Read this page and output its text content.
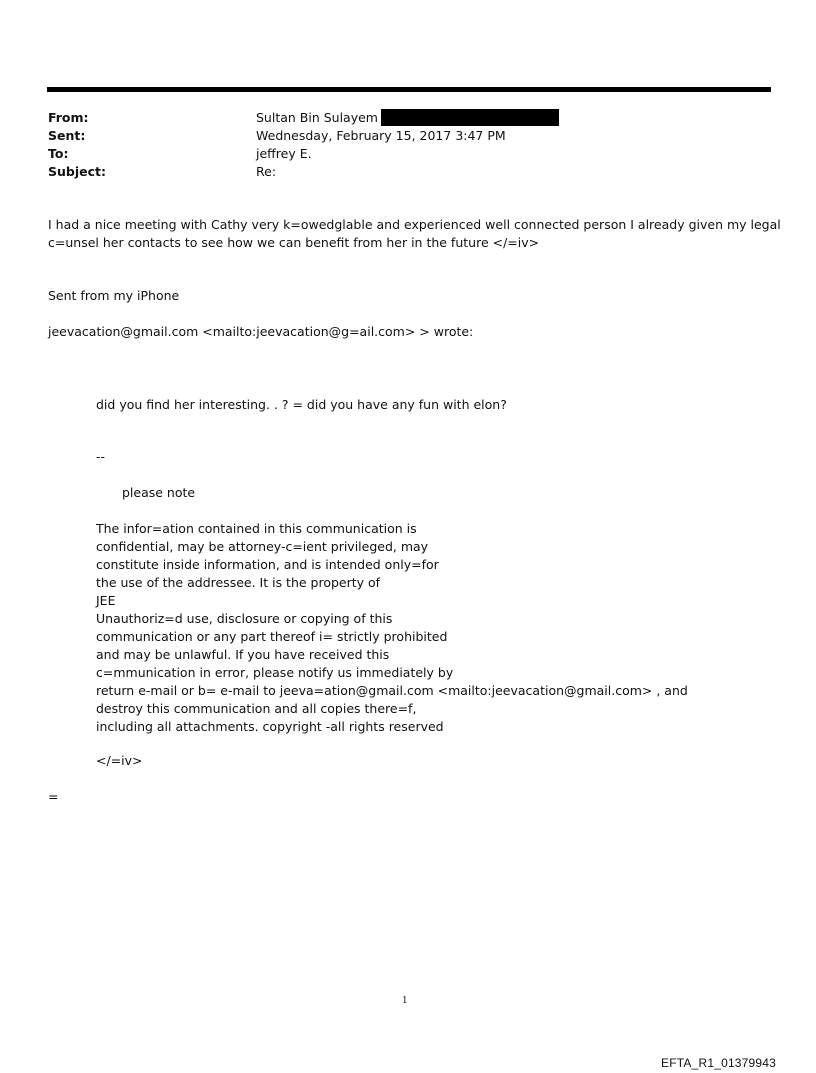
From:	Sultan Bin Sulayem
Sent:	Wednesday, February 15, 2017 3:47 PM
To:	jeffrey E.
Subject:	Re:
I had a nice meeting with Cathy very k=owedglable and experienced well connected person I already given my legal
c=unsel her contacts to see how we can benefit from her in the future </=iv>
Sent from my iPhone
jeevacation@gmail.com <mailto:jeevacation@g=ail.com> > wrote:
did you find her interesting. . ? = did you have any fun with elon?
--
please note
The infor=ation contained in this communication is
confidential, may be attorney-c=ient privileged, may
constitute inside information, and is intended only=for
the use of the addressee. It is the property of
JEE
Unauthoriz=d use, disclosure or copying of this
communication or any part thereof i= strictly prohibited
and may be unlawful. If you have received this
c=mmunication in error, please notify us immediately by
return e-mail or b= e-mail to jeeva=ation@gmail.com <mailto:jeevacation@gmail.com> , and
destroy this communication and all copies there=f,
including all attachments. copyright -all rights reserved
</=iv>
=
1
EFTA_R1_01379943
